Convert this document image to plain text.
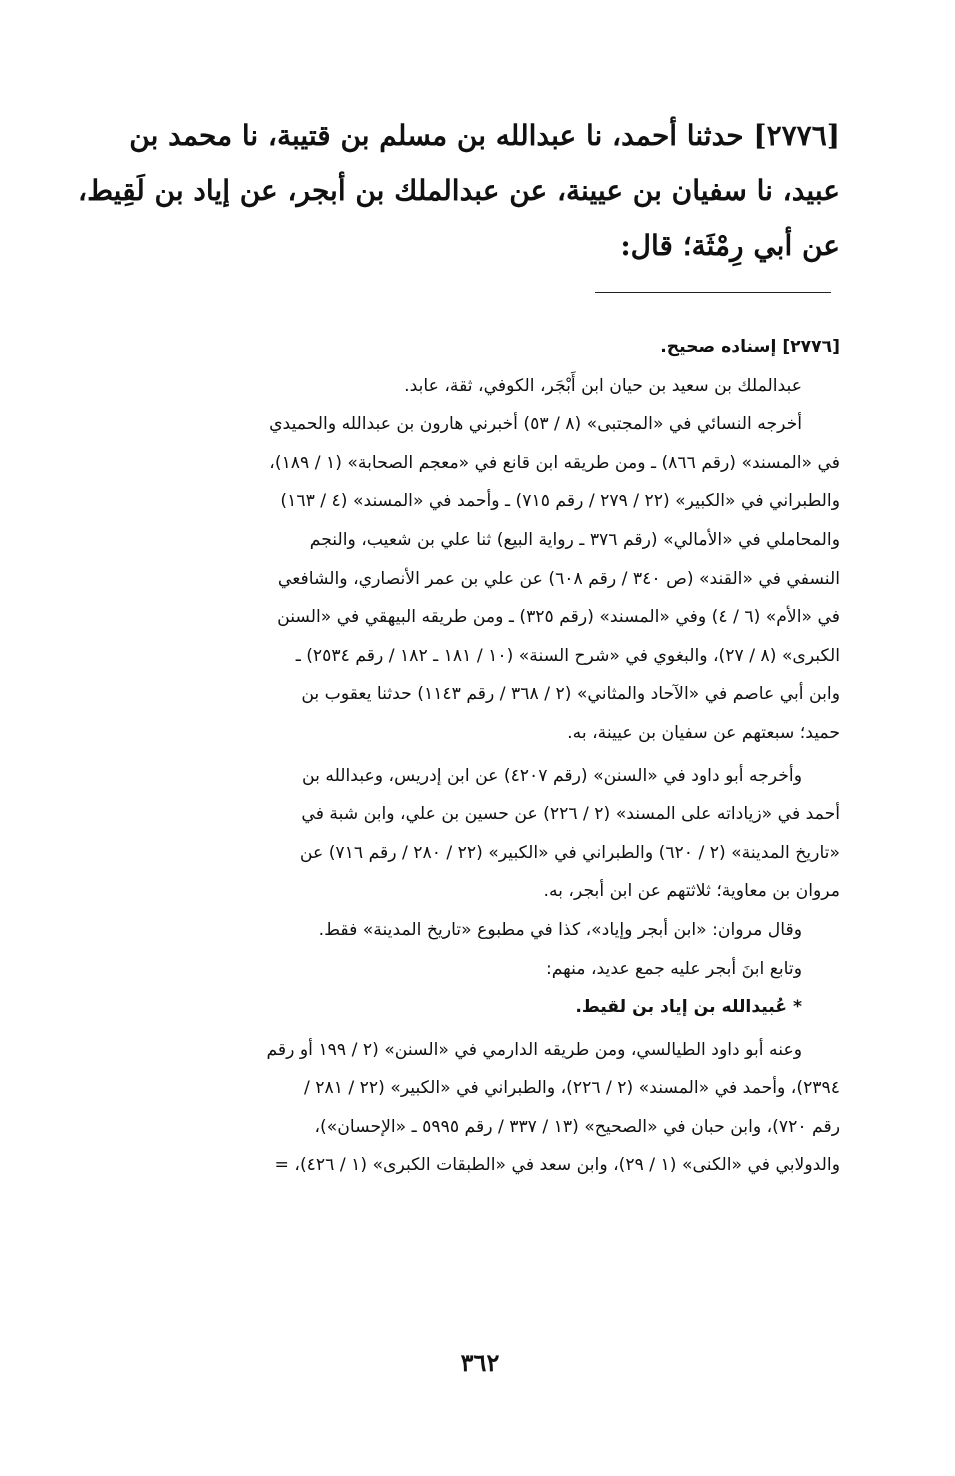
[٢٧٧٦] حدثنا أحمد، نا عبدالله بن مسلم بن قتيبة، نا محمد بن
عبيد، نا سفيان بن عيينة، عن عبدالملك بن أبجر، عن إياد بن لَقِيط،
عن أبي رِمْثَة؛ قال:
[٢٧٧٦] إسناده صحيح.
عبدالملك بن سعيد بن حيان ابن أَبْجَر، الكوفي، ثقة، عابد.
أخرجه النسائي في «المجتبى» (٨ / ٥٣) أخبرني هارون بن عبدالله والحميدي
في «المسند» (رقم ٨٦٦) ـ ومن طريقه ابن قانع في «معجم الصحابة» (١ / ١٨٩)،
والطبراني في «الكبير» (٢٢ / ٢٧٩ / رقم ٧١٥) ـ وأحمد في «المسند» (٤ / ١٦٣)
والمحاملي في «الأمالي» (رقم ٣٧٦ ـ رواية البيع) ثنا علي بن شعيب، والنجم
النسفي في «القند» (ص ٣٤٠ / رقم ٦٠٨) عن علي بن عمر الأنصاري، والشافعي
في «الأم» (٦ / ٤) وفي «المسند» (رقم ٣٢٥) ـ ومن طريقه البيهقي في «السنن
الكبرى» (٨ / ٢٧)، والبغوي في «شرح السنة» (١٠ / ١٨١ ـ ١٨٢ / رقم ٢٥٣٤) ـ
وابن أبي عاصم في «الآحاد والمثاني» (٢ / ٣٦٨ / رقم ١١٤٣) حدثنا يعقوب بن
حميد؛ سبعتهم عن سفيان بن عيينة، به.
وأخرجه أبو داود في «السنن» (رقم ٤٢٠٧) عن ابن إدريس، وعبدالله بن
أحمد في «زياداته على المسند» (٢ / ٢٢٦) عن حسين بن علي، وابن شبة في
«تاريخ المدينة» (٢ / ٦٢٠) والطبراني في «الكبير» (٢٢ / ٢٨٠ / رقم ٧١٦) عن
مروان بن معاوية؛ ثلاثتهم عن ابن أبجر، به.
وقال مروان: «ابن أبجر وإياد»، كذا في مطبوع «تاريخ المدينة» فقط.
وتابع ابنَ أبجر عليه جمع عديد، منهم:
* عُبيدالله بن إياد بن لقيط.
وعنه أبو داود الطيالسي، ومن طريقه الدارمي في «السنن» (٢ / ١٩٩ أو رقم
٢٣٩٤)، وأحمد في «المسند» (٢ / ٢٢٦)، والطبراني في «الكبير» (٢٢ / ٢٨١ /
رقم ٧٢٠)، وابن حبان في «الصحيح» (١٣ / ٣٣٧ / رقم ٥٩٩٥ ـ «الإحسان»)،
والدولابي في «الكنى» (١ / ٢٩)، وابن سعد في «الطبقات الكبرى» (١ / ٤٢٦)، =
٣٦٢
